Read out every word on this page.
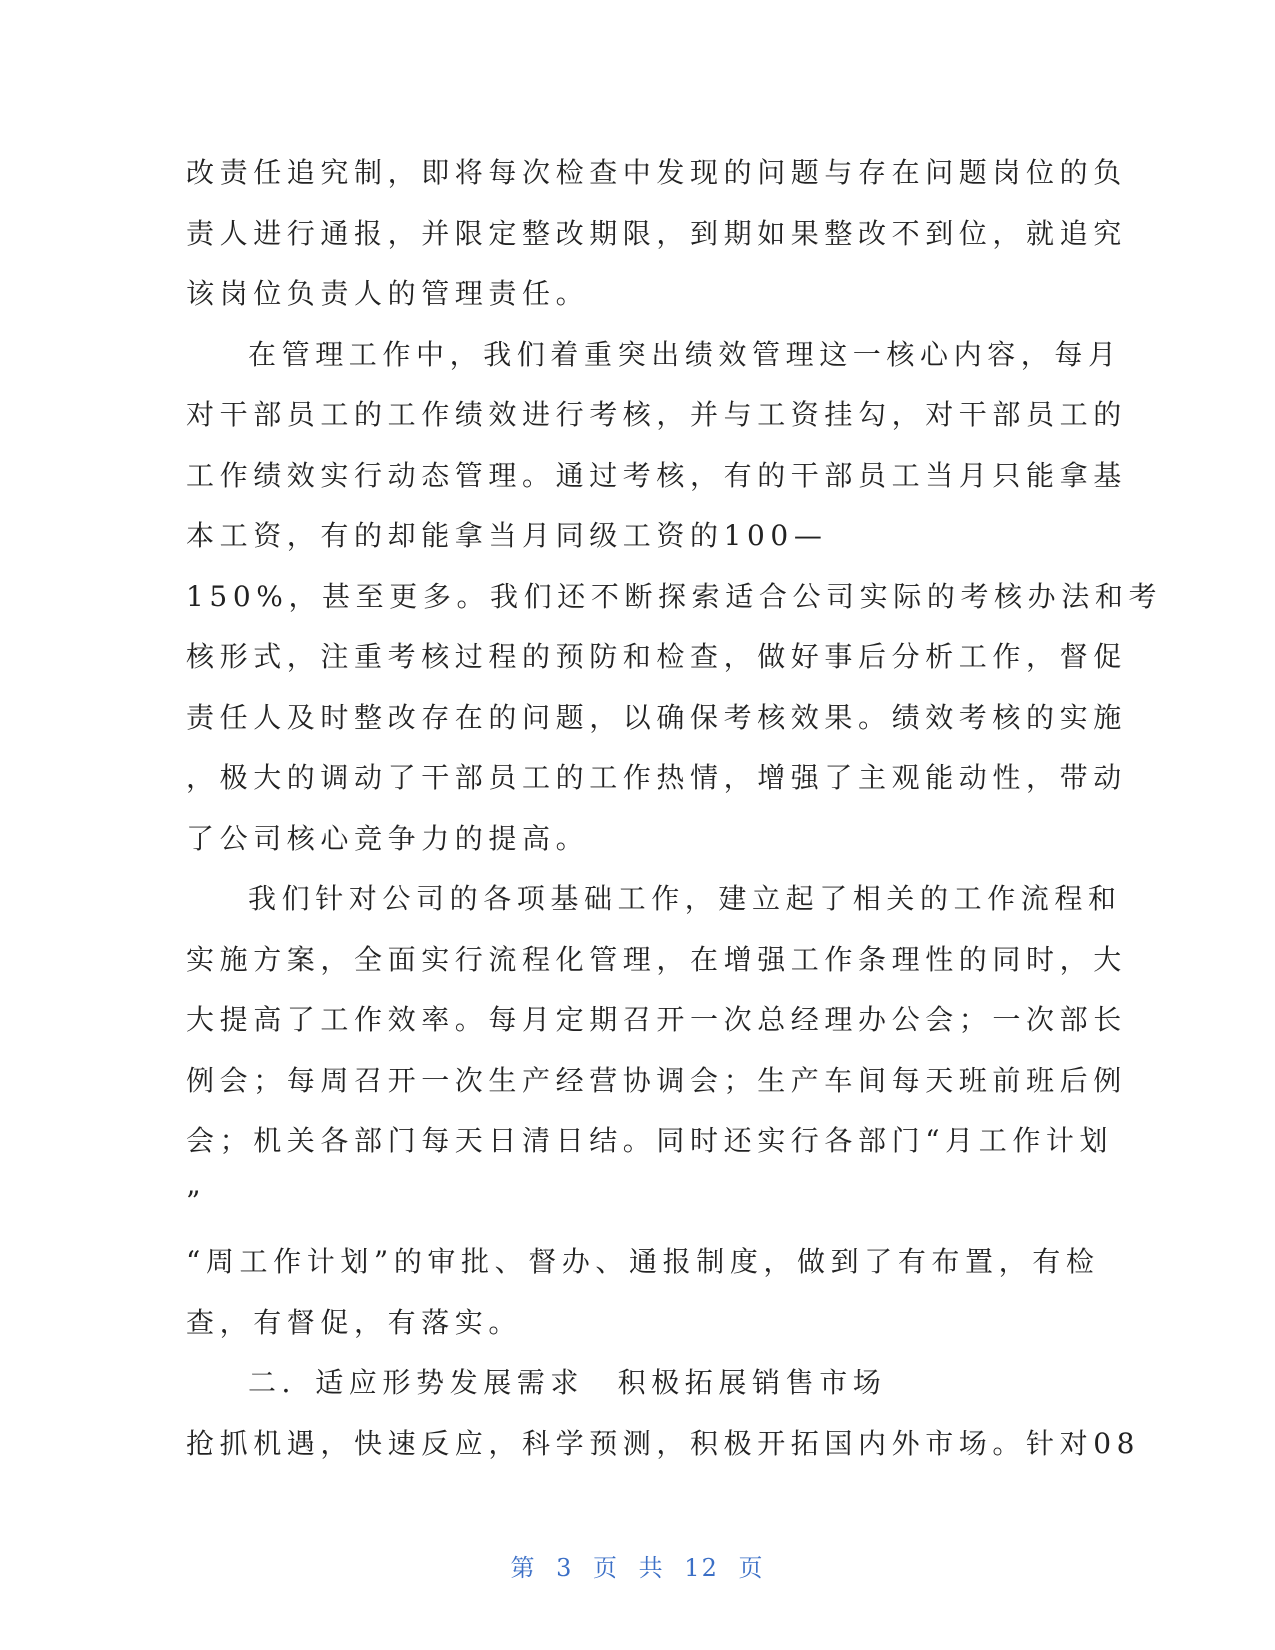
改责任追究制，即将每次检查中发现的问题与存在问题岗位的负
责人进行通报，并限定整改期限，到期如果整改不到位，就追究
该岗位负责人的管理责任。
在管理工作中，我们着重突出绩效管理这一核心内容，每月
对干部员工的工作绩效进行考核，并与工资挂勾，对干部员工的
工作绩效实行动态管理。通过考核，有的干部员工当月只能拿基
本工资，有的却能拿当月同级工资的100—
150%，甚至更多。我们还不断探索适合公司实际的考核办法和考
核形式，注重考核过程的预防和检查，做好事后分析工作，督促
责任人及时整改存在的问题，以确保考核效果。绩效考核的实施
，极大的调动了干部员工的工作热情，增强了主观能动性，带动
了公司核心竞争力的提高。
我们针对公司的各项基础工作，建立起了相关的工作流程和
实施方案，全面实行流程化管理，在增强工作条理性的同时，大
大提高了工作效率。每月定期召开一次总经理办公会；一次部长
例会；每周召开一次生产经营协调会；生产车间每天班前班后例
会；机关各部门每天日清日结。同时还实行各部门“月工作计划
”
“周工作计划”的审批、督办、通报制度，做到了有布置，有检
查，有督促，有落实。
二．适应形势发展需求　积极拓展销售市场
抢抓机遇，快速反应，科学预测，积极开拓国内外市场。针对08
第 3 页 共 12 页
